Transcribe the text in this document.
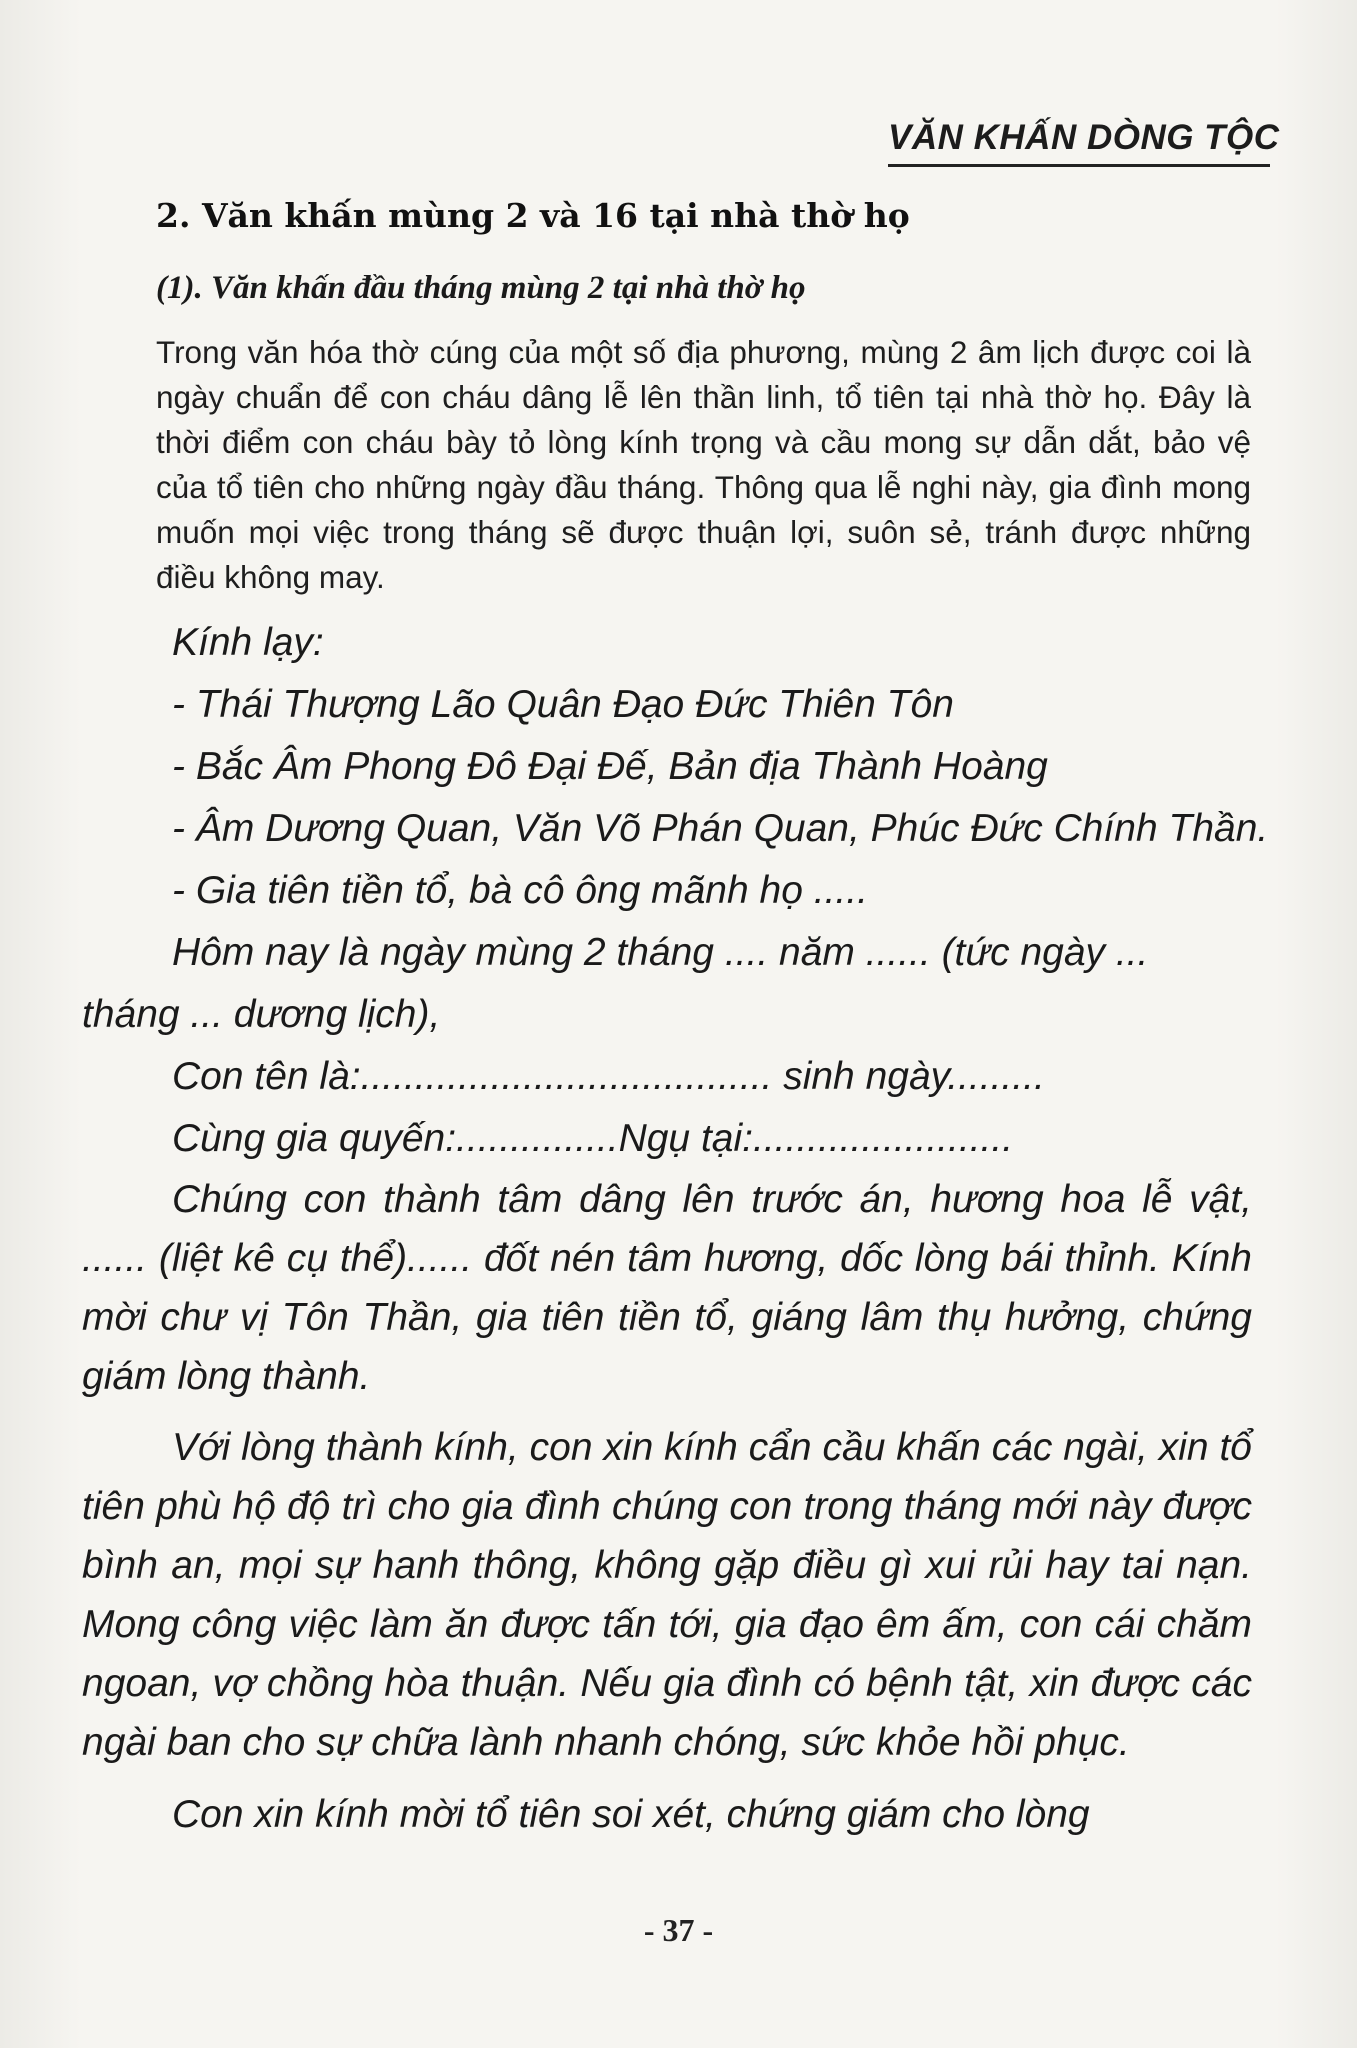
VĂN KHẤN DÒNG TỘC
2. Văn khấn mùng 2 và 16 tại nhà thờ họ
(1). Văn khấn đầu tháng mùng 2 tại nhà thờ họ

Trong văn hóa thờ cúng của một số địa phương, mùng 2 âm lịch được coi là ngày chuẩn để con cháu dâng lễ lên thần linh, tổ tiên tại nhà thờ họ. Đây là thời điểm con cháu bày tỏ lòng kính trọng và cầu mong sự dẫn dắt, bảo vệ của tổ tiên cho những ngày đầu tháng. Thông qua lễ nghi này, gia đình mong muốn mọi việc trong tháng sẽ được thuận lợi, suôn sẻ, tránh được những điều không may.

Kính lạy:
- Thái Thượng Lão Quân Đạo Đức Thiên Tôn
- Bắc Âm Phong Đô Đại Đế, Bản địa Thành Hoàng
- Âm Dương Quan, Văn Võ Phán Quan, Phúc Đức Chính Thần.
- Gia tiên tiền tổ, bà cô ông mãnh họ .....
Hôm nay là ngày mùng 2 tháng .... năm ...... (tức ngày ...
tháng ... dương lịch),
Con tên là:...................................... sinh ngày.........
Cùng gia quyến:...............Ngụ tại:........................

Chúng con thành tâm dâng lên trước án, hương hoa lễ vật, ...... (liệt kê cụ thể)...... đốt nén tâm hương, dốc lòng bái thỉnh. Kính mời chư vị Tôn Thần, gia tiên tiền tổ, giáng lâm thụ hưởng, chứng giám lòng thành.

Với lòng thành kính, con xin kính cẩn cầu khấn các ngài, xin tổ tiên phù hộ độ trì cho gia đình chúng con trong tháng mới này được bình an, mọi sự hanh thông, không gặp điều gì xui rủi hay tai nạn. Mong công việc làm ăn được tấn tới, gia đạo êm ấm, con cái chăm ngoan, vợ chồng hòa thuận. Nếu gia đình có bệnh tật, xin được các ngài ban cho sự chữa lành nhanh chóng, sức khỏe hồi phục.

Con xin kính mời tổ tiên soi xét, chứng giám cho lòng
- 37 -
